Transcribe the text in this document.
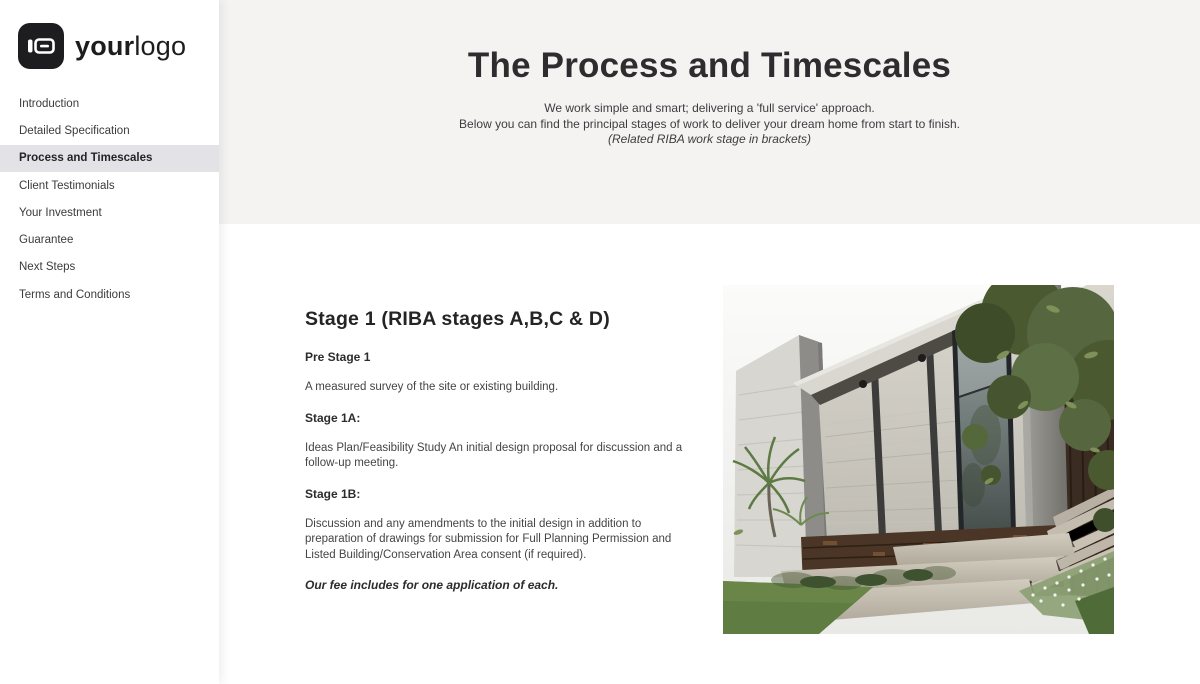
The Process and Timescales
We work simple and smart; delivering a 'full service' approach.
Below you can find the principal stages of work to deliver your dream home from start to finish.
(Related RIBA work stage in brackets)
yourlogo
Introduction
Detailed Specification
Process and Timescales
Client Testimonials
Your Investment
Guarantee
Next Steps
Terms and Conditions
Stage 1 (RIBA stages A,B,C & D)
Pre Stage 1
A measured survey of the site or existing building.
Stage 1A:
Ideas Plan/Feasibility Study An initial design proposal for discussion and a follow-up meeting.
Stage 1B:
Discussion and any amendments to the initial design in addition to preparation of drawings for submission for Full Planning Permission and Listed Building/Conservation Area consent (if required).
Our fee includes for one application of each.
